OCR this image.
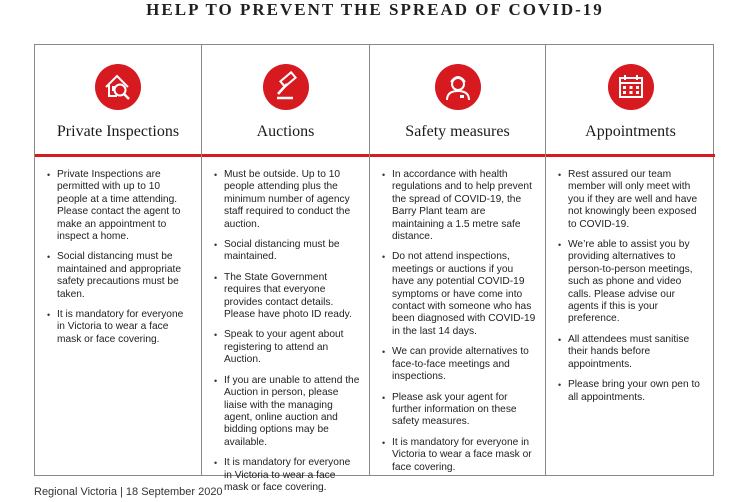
HELP TO PREVENT THE SPREAD OF COVID-19
Private Inspections
• Private Inspections are permitted with up to 10 people at a time attending. Please contact the agent to make an appointment to inspect a home.
• Social distancing must be maintained and appropriate safety precautions must be taken.
• It is mandatory for everyone in Victoria to wear a face mask or face covering.
Auctions
• Must be outside. Up to 10 people attending plus the minimum number of agency staff required to conduct the auction.
• Social distancing must be maintained.
• The State Government requires that everyone provides contact details. Please have photo ID ready.
• Speak to your agent about registering to attend an Auction.
• If you are unable to attend the Auction in person, please liaise with the managing agent, online auction and bidding options may be available.
• It is mandatory for everyone in Victoria to wear a face mask or face covering.
Safety measures
• In accordance with health regulations and to help prevent the spread of COVID-19, the Barry Plant team are maintaining a 1.5 metre safe distance.
• Do not attend inspections, meetings or auctions if you have any potential COVID-19 symptoms or have come into contact with someone who has been diagnosed with COVID-19 in the last 14 days.
• We can provide alternatives to face-to-face meetings and inspections.
• Please ask your agent for further information on these safety measures.
• It is mandatory for everyone in Victoria to wear a face mask or face covering.
Appointments
• Rest assured our team member will only meet with you if they are well and have not knowingly been exposed to COVID-19.
• We’re able to assist you by providing alternatives to person-to-person meetings, such as phone and video calls. Please advise our agents if this is your preference.
• All attendees must sanitise their hands before appointments.
• Please bring your own pen to all appointments.
Regional Victoria | 18 September 2020
